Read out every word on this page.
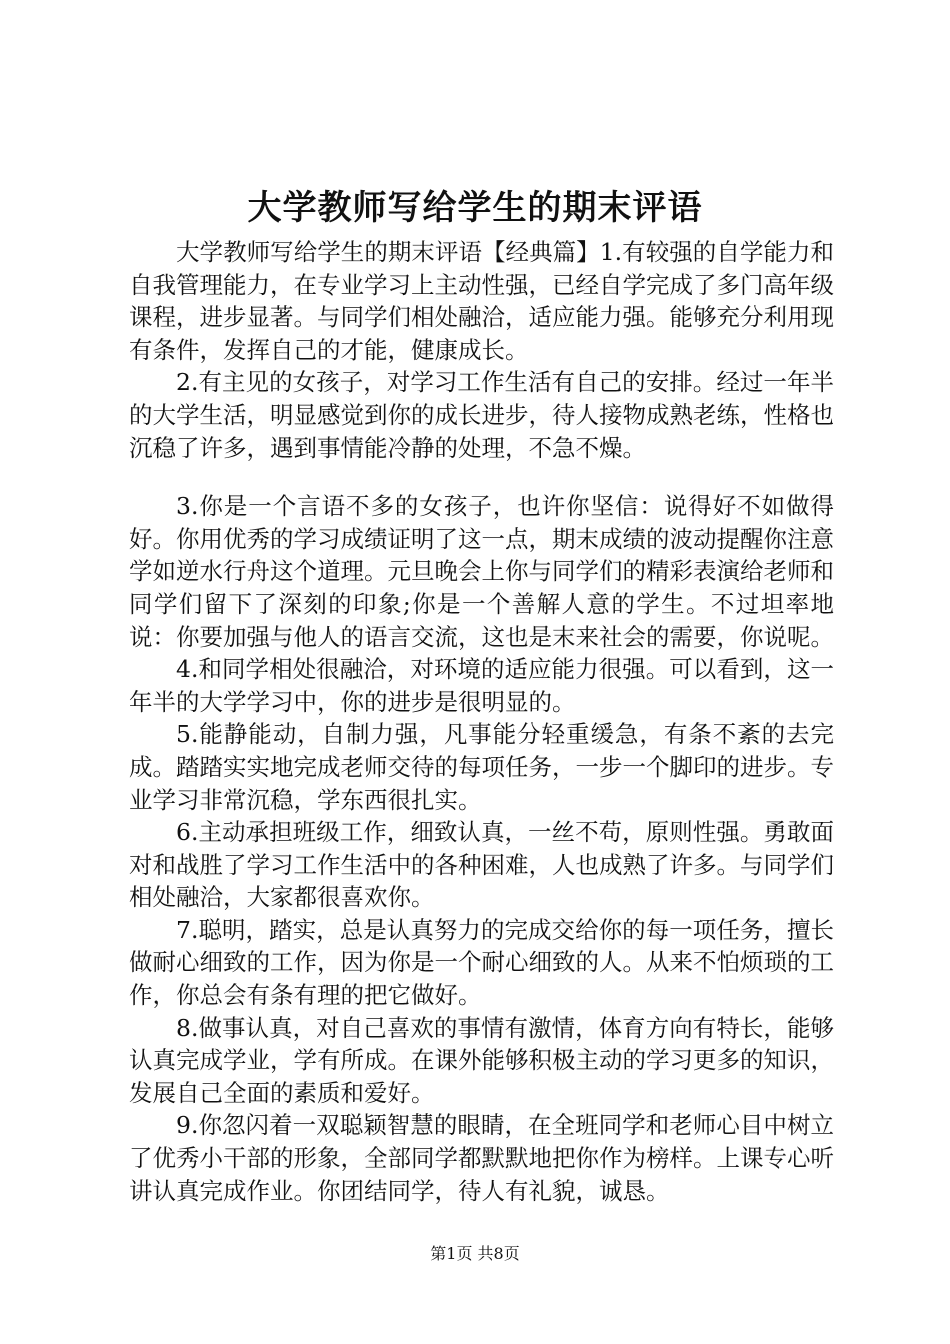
大学教师写给学生的期末评语

大学教师写给学生的期末评语【经典篇】1.有较强的自学能力和自我管理能力，在专业学习上主动性强，已经自学完成了多门高年级课程，进步显著。与同学们相处融洽，适应能力强。能够充分利用现有条件，发挥自己的才能，健康成长。

2.有主见的女孩子，对学习工作生活有自己的安排。经过一年半的大学生活，明显感觉到你的成长进步，待人接物成熟老练，性格也沉稳了许多，遇到事情能冷静的处理，不急不燥。

3.你是一个言语不多的女孩子，也许你坚信：说得好不如做得好。你用优秀的学习成绩证明了这一点，期末成绩的波动提醒你注意学如逆水行舟这个道理。元旦晚会上你与同学们的精彩表演给老师和同学们留下了深刻的印象;你是一个善解人意的学生。不过坦率地说：你要加强与他人的语言交流，这也是末来社会的需要，你说呢。

4.和同学相处很融洽，对环境的适应能力很强。可以看到，这一年半的大学学习中，你的进步是很明显的。

5.能静能动，自制力强，凡事能分轻重缓急，有条不紊的去完成。踏踏实实地完成老师交待的每项任务，一步一个脚印的进步。专业学习非常沉稳，学东西很扎实。

6.主动承担班级工作，细致认真，一丝不苟，原则性强。勇敢面对和战胜了学习工作生活中的各种困难，人也成熟了许多。与同学们相处融洽，大家都很喜欢你。

7.聪明，踏实，总是认真努力的完成交给你的每一项任务，擅长做耐心细致的工作，因为你是一个耐心细致的人。从来不怕烦琐的工作，你总会有条有理的把它做好。

8.做事认真，对自己喜欢的事情有激情，体育方向有特长，能够认真完成学业，学有所成。在课外能够积极主动的学习更多的知识，发展自己全面的素质和爱好。

9.你忽闪着一双聪颖智慧的眼睛，在全班同学和老师心目中树立了优秀小干部的形象，全部同学都默默地把你作为榜样。上课专心听讲认真完成作业。你团结同学，待人有礼貌，诚恳。

第1页 共8页
